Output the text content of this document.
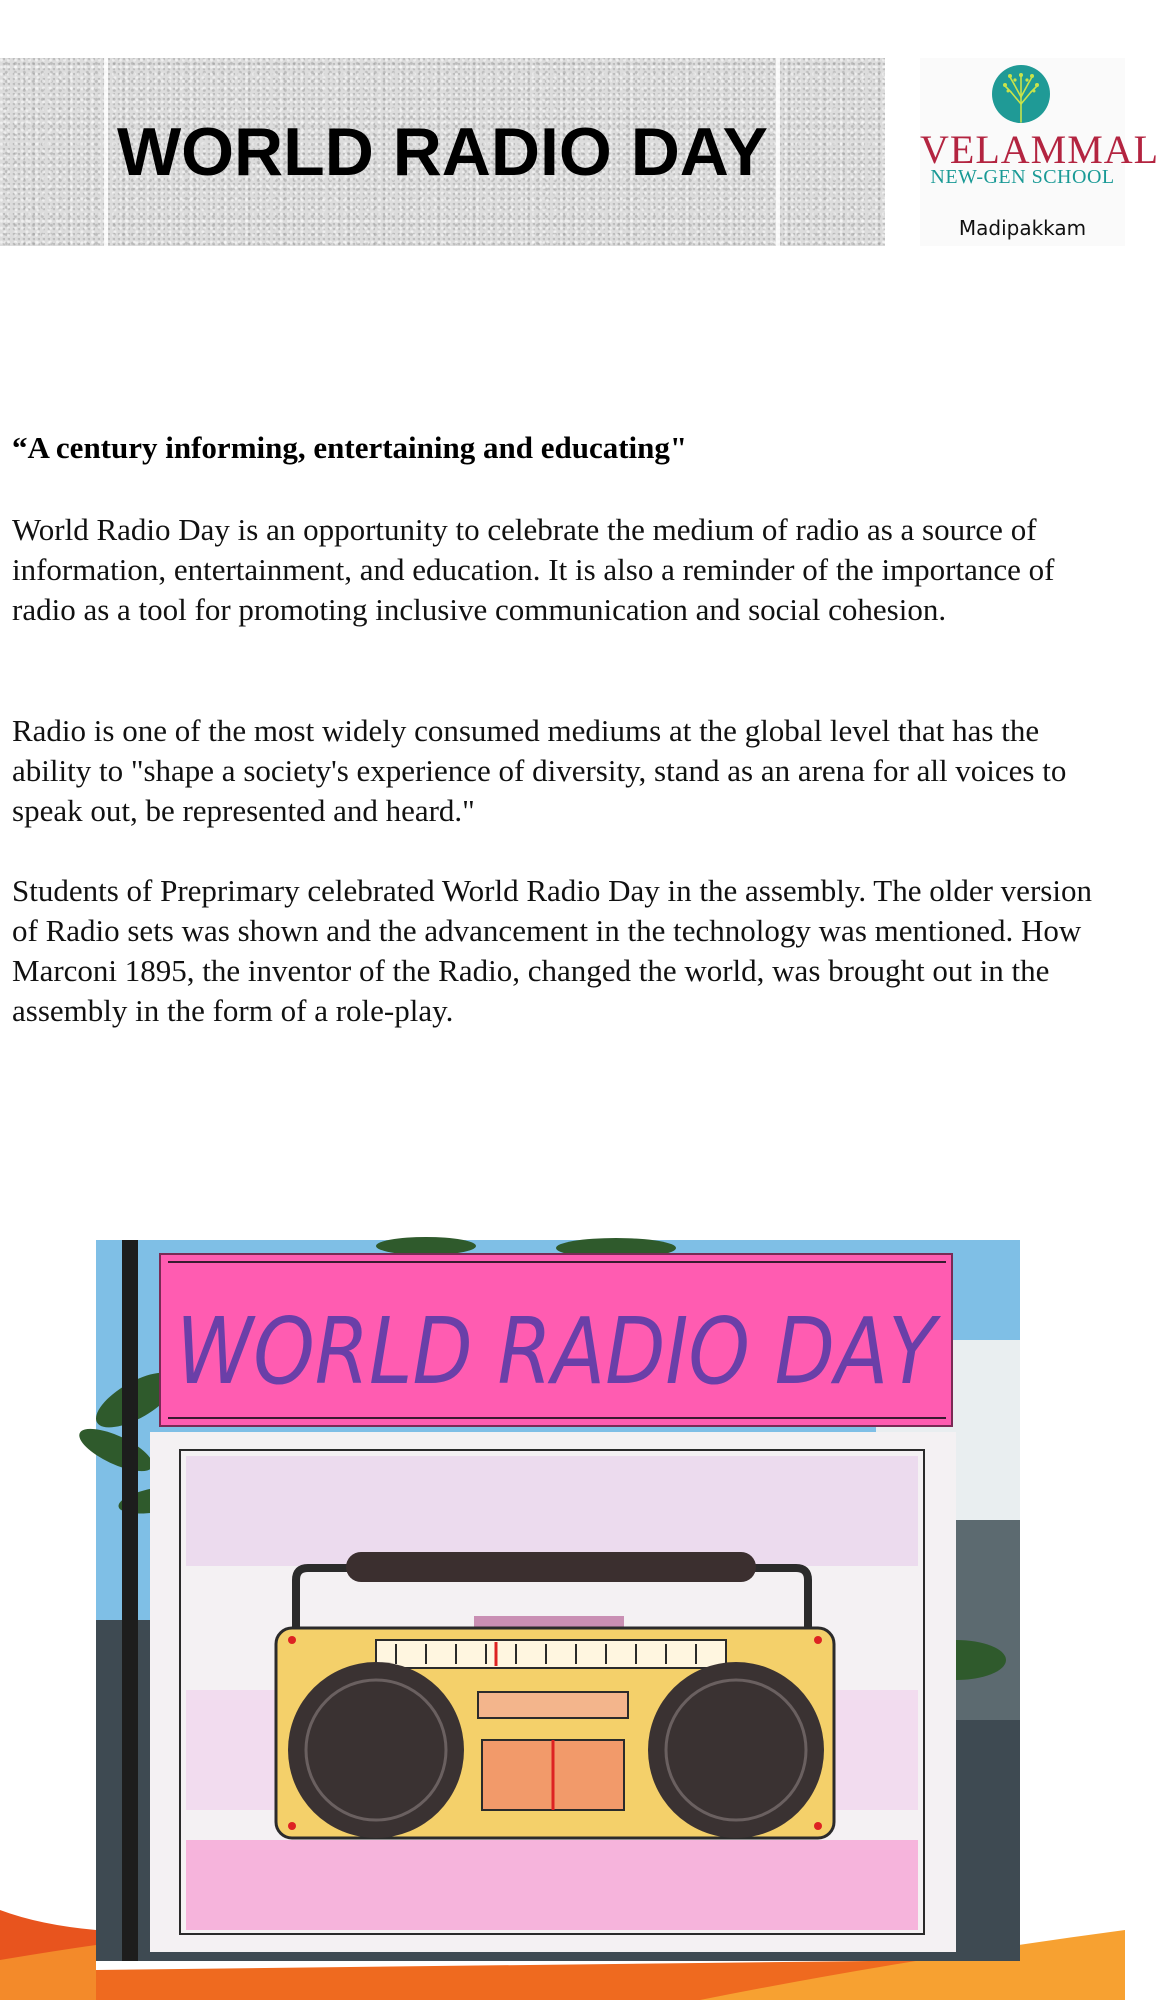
WORLD RADIO DAY	VELAMMAL
NEW-GEN SCHOOL
Madipakkam
“A century informing, entertaining and educating"
World Radio Day is an opportunity to celebrate the medium of radio as a source of information, entertainment, and education. It is also a reminder of the importance of radio as a tool for promoting inclusive communication and social cohesion.
Radio is one of the most widely consumed mediums at the global level that has the ability to "shape a society's experience of diversity, stand as an arena for all voices to speak out, be represented and heard."
Students of Preprimary celebrated World Radio Day in the assembly. The older version of Radio sets was shown and the advancement in the technology was mentioned. How Marconi 1895, the inventor of the Radio, changed the world, was brought out in the assembly in the form of a role-play.
WORLD RADIO DAY
